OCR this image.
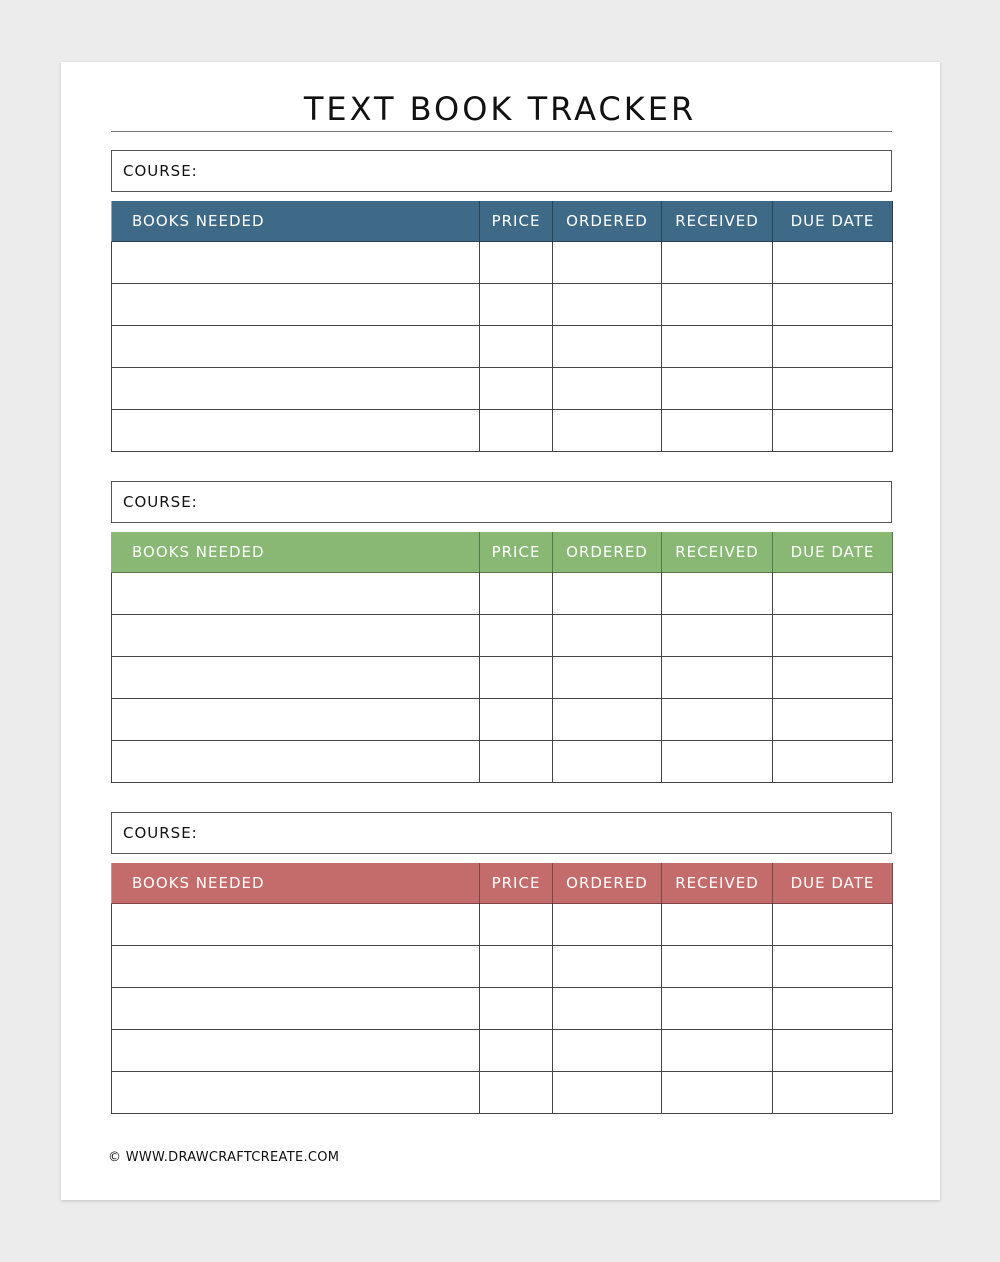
TEXT BOOK TRACKER
COURSE:
BOOKS NEEDED	PRICE	ORDERED	RECEIVED	DUE DATE

COURSE:
BOOKS NEEDED	PRICE	ORDERED	RECEIVED	DUE DATE

COURSE:
BOOKS NEEDED	PRICE	ORDERED	RECEIVED	DUE DATE

© WWW.DRAWCRAFTCREATE.COM
